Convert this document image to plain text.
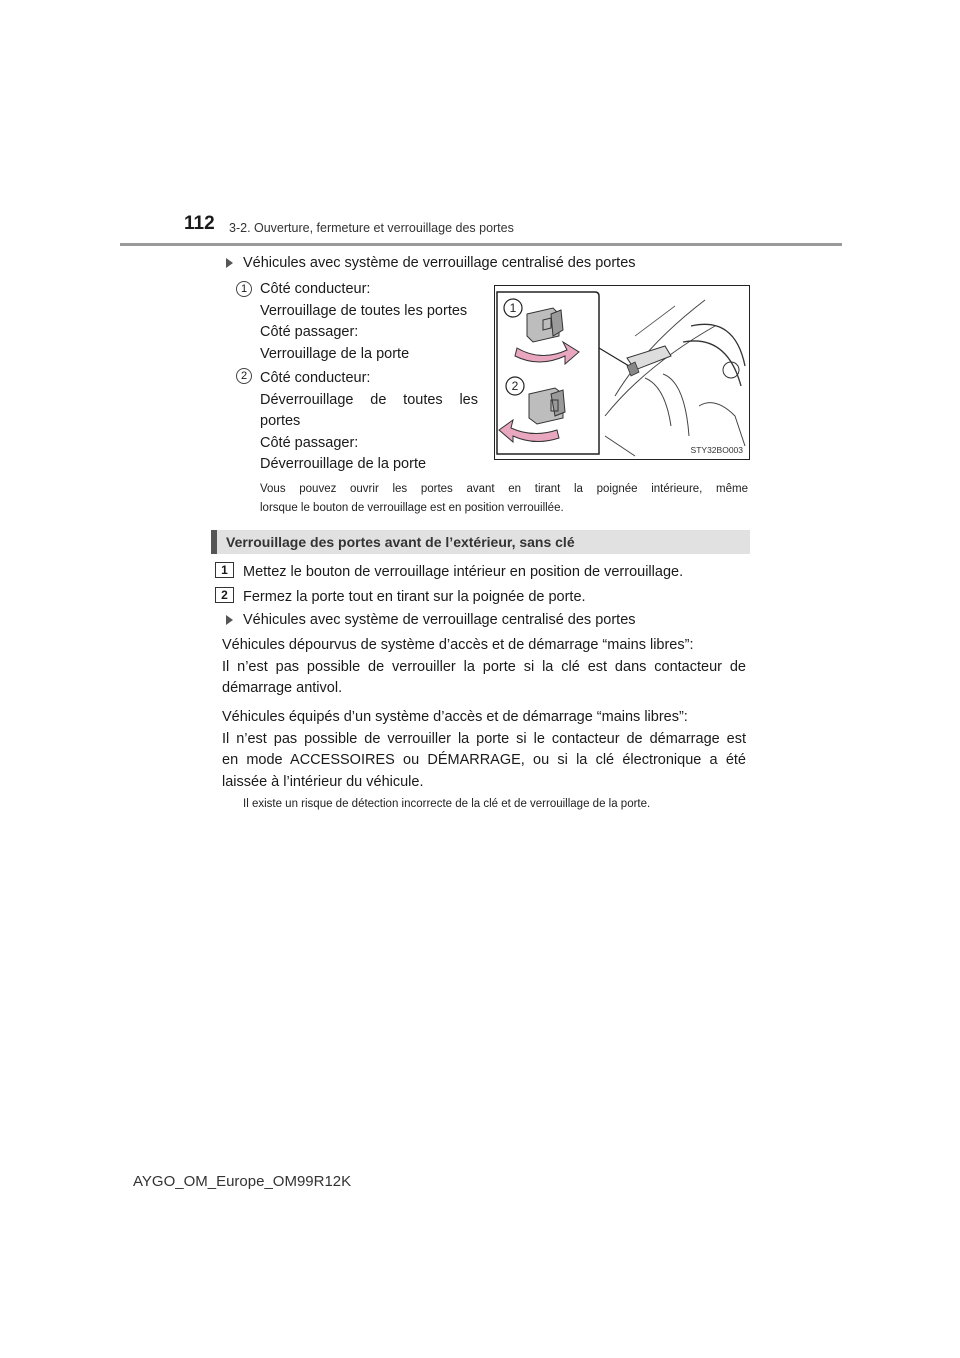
112 3-2. Ouverture, fermeture et verrouillage des portes
Véhicules avec système de verrouillage centralisé des portes
1 Côté conducteur:
Verrouillage de toutes les portes
Côté passager:
Verrouillage de la porte
2 Côté conducteur:
Déverrouillage de toutes les
portes
Côté passager:
Déverrouillage de la porte
1
2
STY32BO003
Vous pouvez ouvrir les portes avant en tirant la poignée intérieure, même
lorsque le bouton de verrouillage est en position verrouillée.
Verrouillage des portes avant de l’extérieur, sans clé
1	Mettez le bouton de verrouillage intérieur en position de verrouillage.
2	Fermez la porte tout en tirant sur la poignée de porte.
Véhicules avec système de verrouillage centralisé des portes
Véhicules dépourvus de système d’accès et de démarrage “mains libres”:
Il n’est pas possible de verrouiller la porte si la clé est dans contacteur de
démarrage antivol.
Véhicules équipés d’un système d’accès et de démarrage “mains libres”:
Il n’est pas possible de verrouiller la porte si le contacteur de démarrage est
en mode ACCESSOIRES ou DÉMARRAGE, ou si la clé électronique a été
laissée à l’intérieur du véhicule.
Il existe un risque de détection incorrecte de la clé et de verrouillage de la porte.
AYGO_OM_Europe_OM99R12K
